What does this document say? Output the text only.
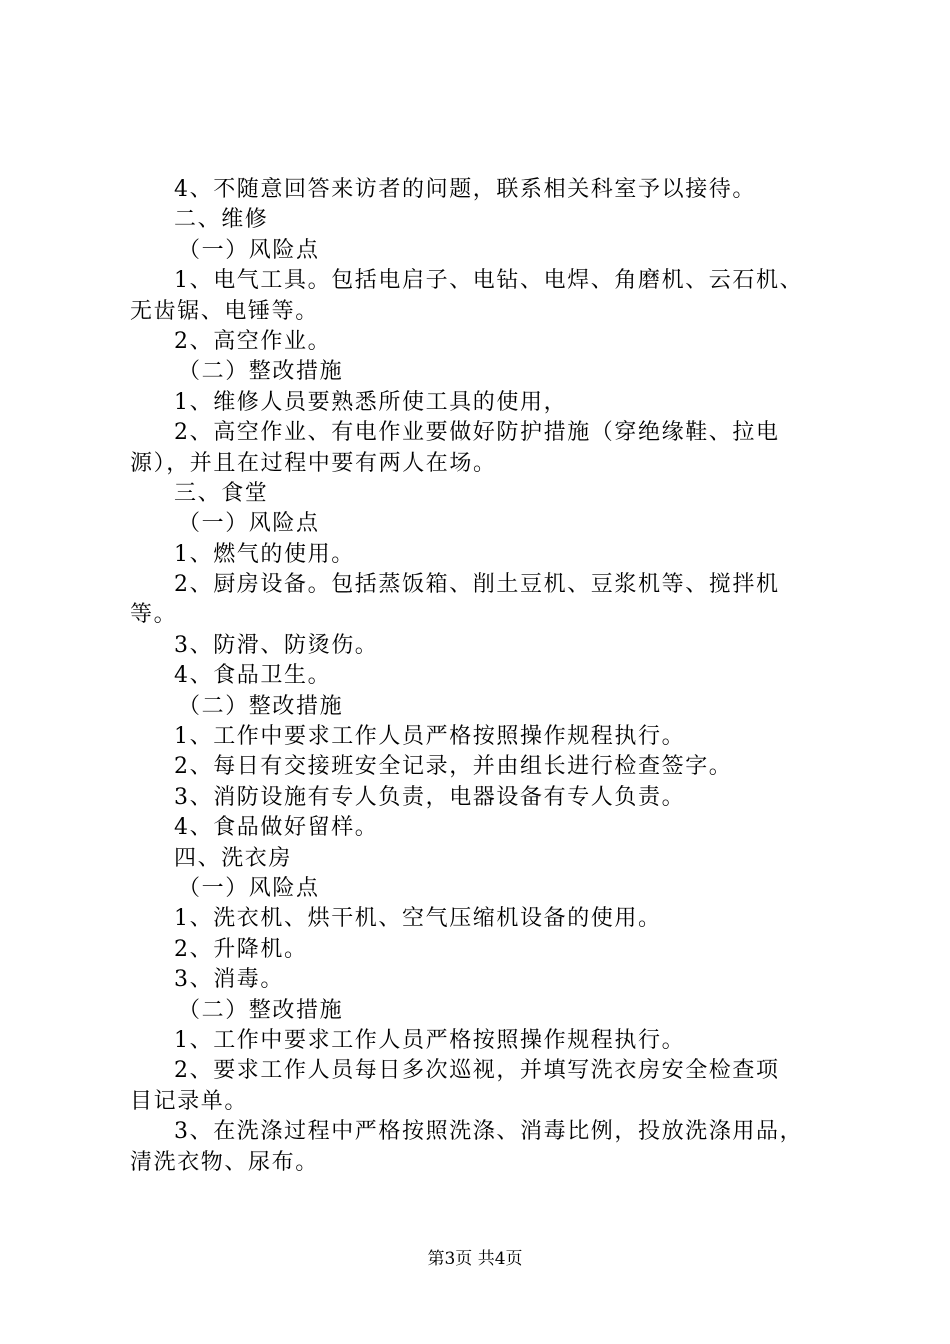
4、不随意回答来访者的问题，联系相关科室予以接待。
二、维修
（一）风险点
1、电气工具。包括电启子、电钻、电焊、角磨机、云石机、
无齿锯、电锤等。
2、高空作业。
（二）整改措施
1、维修人员要熟悉所使工具的使用，
2、高空作业、有电作业要做好防护措施（穿绝缘鞋、拉电
源），并且在过程中要有两人在场。
三、食堂
（一）风险点
1、燃气的使用。
2、厨房设备。包括蒸饭箱、削土豆机、豆浆机等、搅拌机
等。
3、防滑、防烫伤。
4、食品卫生。
（二）整改措施
1、工作中要求工作人员严格按照操作规程执行。
2、每日有交接班安全记录，并由组长进行检查签字。
3、消防设施有专人负责，电器设备有专人负责。
4、食品做好留样。
四、洗衣房
（一）风险点
1、洗衣机、烘干机、空气压缩机设备的使用。
2、升降机。
3、消毒。
（二）整改措施
1、工作中要求工作人员严格按照操作规程执行。
2、要求工作人员每日多次巡视，并填写洗衣房安全检查项
目记录单。
3、在洗涤过程中严格按照洗涤、消毒比例，投放洗涤用品，
清洗衣物、尿布。
第3页 共4页
